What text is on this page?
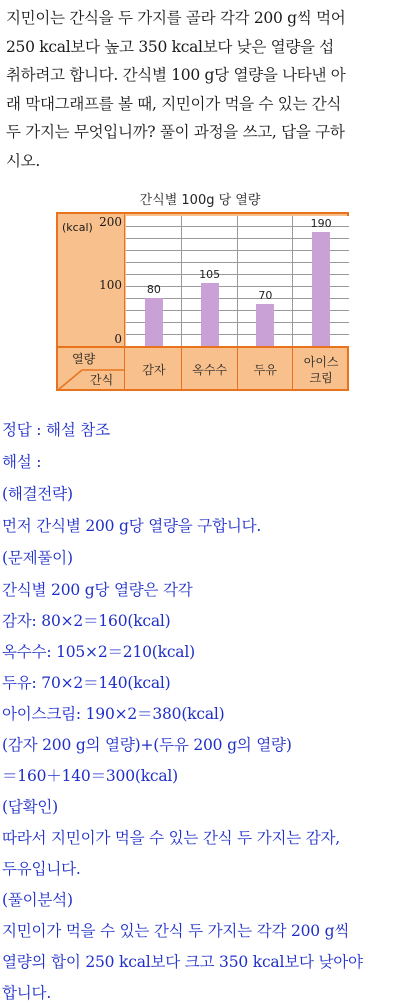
지민이는 간식을 두 가지를 골라 각각 200 g씩 먹어
250 kcal보다 높고 350 kcal보다 낮은 열량을 섭
취하려고 합니다. 간식별 100 g당 열량을 나타낸 아
래 막대그래프를 볼 때, 지민이가 먹을 수 있는 간식
두 가지는 무엇입니까? 풀이 과정을 쓰고, 답을 구하
시오.
간식별 100g 당 열량
(kcal) 200
100
0
80
105
70
190
열량
간식
감자	옥수수	두유
아이스
크림
정답 : 해설 참조
해설 :
(해결전략)
먼저 간식별 200 g당 열량을 구합니다.
(문제풀이)
간식별 200 g당 열량은 각각
감자: 80×2＝160(kcal)
옥수수: 105×2＝210(kcal)
두유: 70×2＝140(kcal)
아이스크림: 190×2＝380(kcal)
(감자 200 g의 열량)+(두유 200 g의 열량)
＝160＋140＝300(kcal)
(답확인)
따라서 지민이가 먹을 수 있는 간식 두 가지는 감자,
두유입니다.
(풀이분석)
지민이가 먹을 수 있는 간식 두 가지는 각각 200 g씩
열량의 합이 250 kcal보다 크고 350 kcal보다 낮아야
합니다.
